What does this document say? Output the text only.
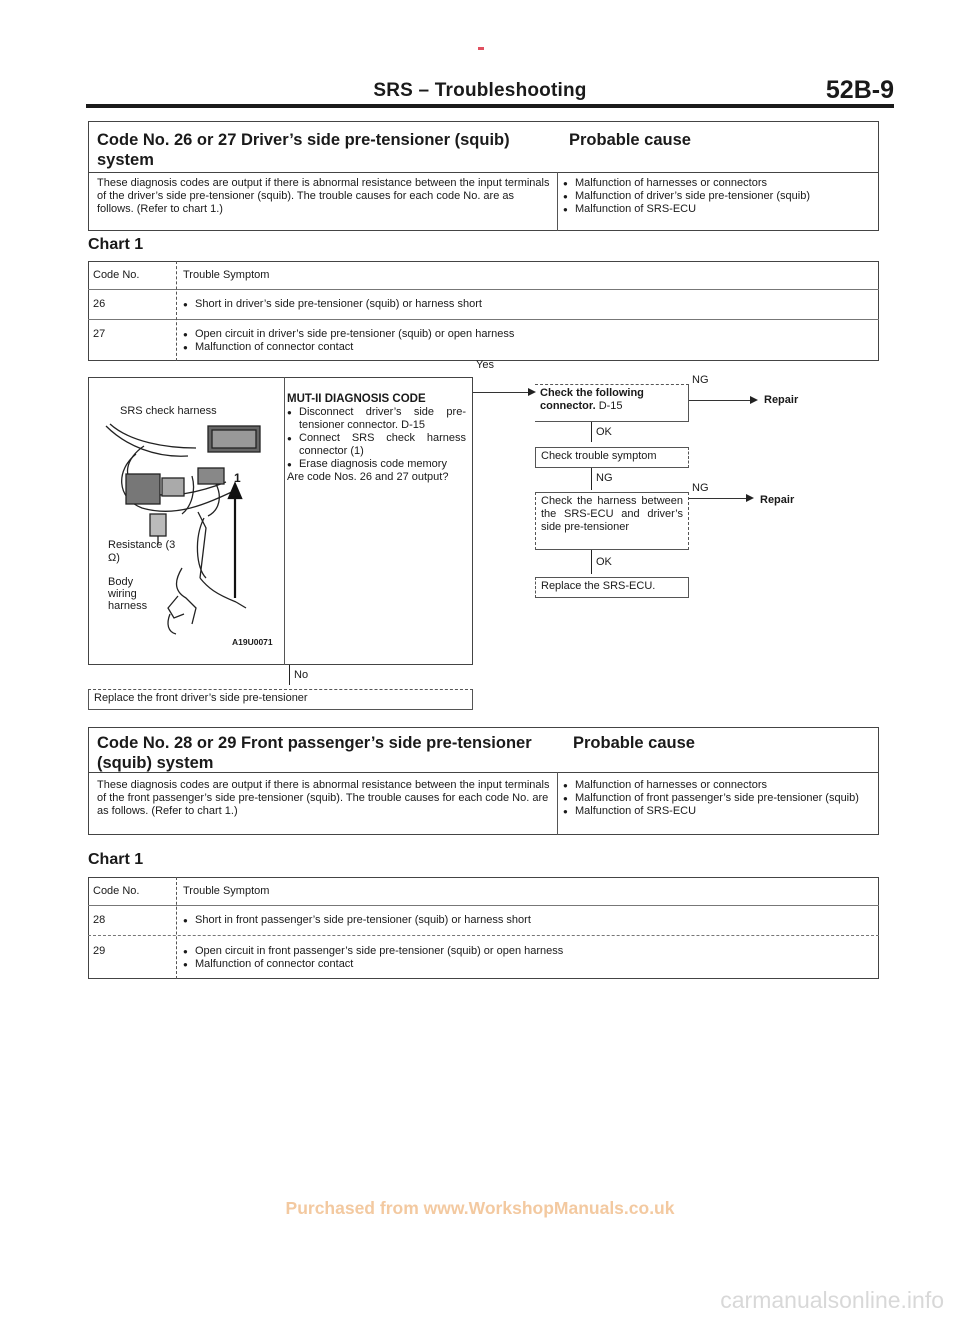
SRS – Troubleshooting	52B-9
Code No. 26 or 27 Driver’s side pre-tensioner (squib) system
Probable cause
These diagnosis codes are output if there is abnormal resistance between the input terminals of the driver’s side pre-tensioner (squib). The trouble causes for each code No. are as follows. (Refer to chart 1.)
● Malfunction of harnesses or connectors
● Malfunction of driver’s side pre-tensioner (squib)
● Malfunction of SRS-ECU
Chart 1
Code No.	Trouble Symptom
26	● Short in driver’s side pre-tensioner (squib) or harness short
27	● Open circuit in driver’s side pre-tensioner (squib) or open harness
● Malfunction of connector contact
SRS check harness
1
Resistance (3 Ω)
Body wiring harness
A19U0071
MUT-II DIAGNOSIS CODE
● Disconnect driver’s side pre-tensioner connector. D-15
● Connect SRS check harness connector (1)
● Erase diagnosis code memory
Are code Nos. 26 and 27 output?
Yes
Check the following connector. D-15
NG
Repair
OK
Check trouble symptom
NG
Check the harness between the SRS-ECU and driver’s side pre-tensioner
NG
Repair
OK
Replace the SRS-ECU.
No
Replace the front driver’s side pre-tensioner
Code No. 28 or 29 Front passenger’s side pre-tensioner (squib) system
Probable cause
These diagnosis codes are output if there is abnormal resistance between the input terminals of the front passenger’s side pre-tensioner (squib). The trouble causes for each code No. are as follows. (Refer to chart 1.)
● Malfunction of harnesses or connectors
● Malfunction of front passenger’s side pre-tensioner (squib)
● Malfunction of SRS-ECU
Chart 1
Code No.	Trouble Symptom
28	● Short in front passenger’s side pre-tensioner (squib) or harness short
29	● Open circuit in front passenger’s side pre-tensioner (squib) or open harness
● Malfunction of connector contact
Purchased from www.WorkshopManuals.co.uk
carmanualsonline.info
